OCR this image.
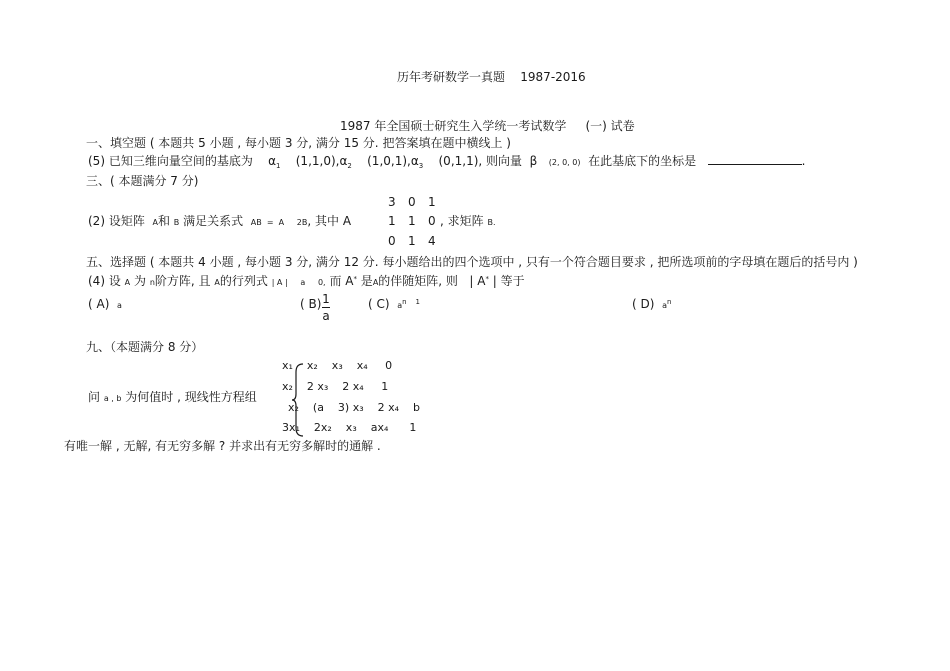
历年考研数学一真题 1987-2016
1987 年全国硕士研究生入学统一考试数学 (一) 试卷
一、填空题 ( 本题共 5 小题 , 每小题 3 分, 满分 15 分. 把答案填在题中横线上 )
(5) 已知三维向量空间的基底为 $\alpha_1$ $(1,1,0),\alpha_2$ $(1,0,1),\alpha_3$ (0,1,1), 则向量 β (2, 0, 0) 在此基底下的坐标是	.
三、( 本题满分 7 分)
3 0 1
(2) 设矩阵 A和 B 满足关系式 AB  =  A     2B, 其中 A	1 1 0 , 求矩阵 B.
0 1 4
五、选择题 ( 本题共 4 小题 , 每小题 3 分, 满分 12 分. 每小题给出的四个选项中 , 只有一个符合题目要求 , 把所选项前的字母填在题后的括号内 )
(4) 设 A 为 n阶方阵, 且 A的行列式 | A |     a     0, 而 A* 是A的伴随矩阵, 则 | A* | 等于
( A) a	( B) 1
a
( C) $a^{n 1}$	( D) $a^n$
九、（本题满分 8 分）
问 a , b 为何值时 , 现线性方程组
x₁    x₂    x₃    x₄     0
x₂    2 x₃    2 x₄     1
x₂    (a    3) x₃    2 x₄    b
3x₁    2x₂    x₃    ax₄      1
有唯一解 , 无解, 有无穷多解 ? 并求出有无穷多解时的通解 .
